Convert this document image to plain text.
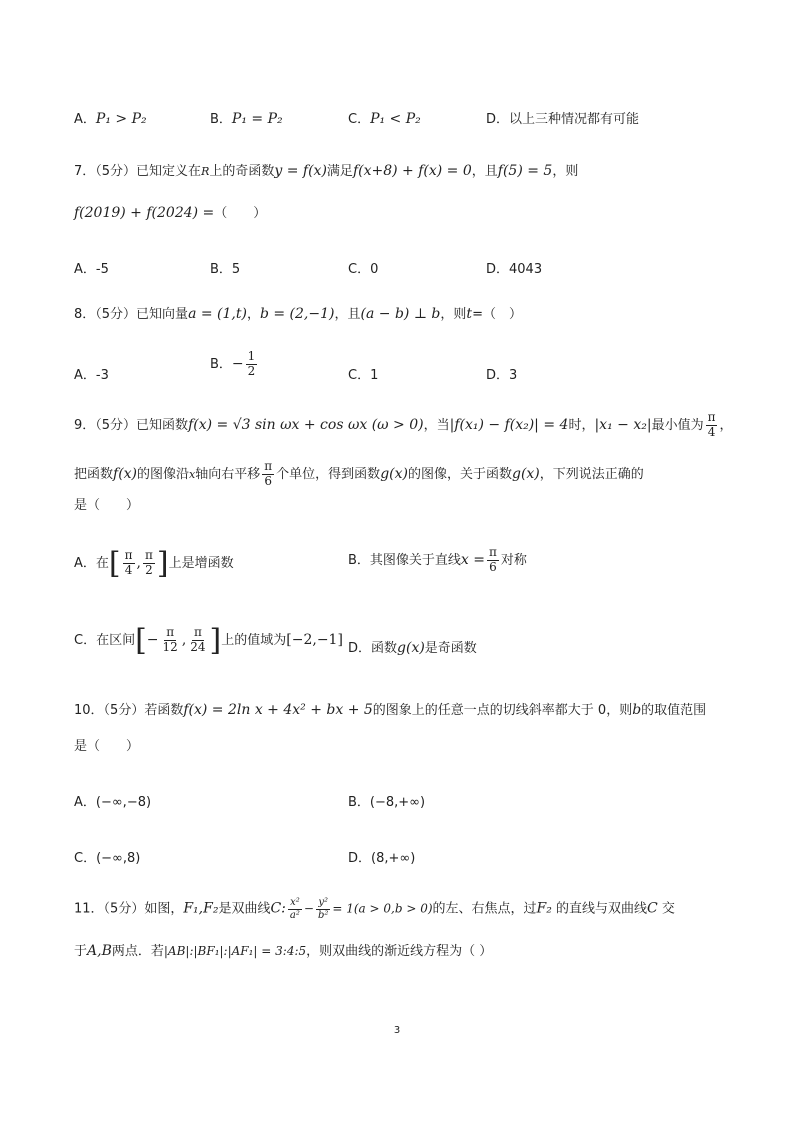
A．P₁ > P₂	B．P₁ = P₂	C．P₁ < P₂	D．以上三种情况都有可能
7．（5分）已知定义在R上的奇函数y = f(x)满足f(x+8) + f(x) = 0，且f(5) = 5，则
f(2019) + f(2024) =（　　）
A．-5	B．5	C．0	D．4043
8．（5分）已知向量a = (1,t)，b = (2,−1)，且(a − b) ⊥ b，则t=（　）
A．-3
B．− $\frac{1}{2}$	C．1	D．3
9．（5分）已知函数f(x) = √3 sin ωx + cos ωx (ω > 0)，当|f(x₁) − f(x₂)| = 4时，|x₁ − x₂|最小值为 $\frac{\pi}{4}$ ，
把函数f(x)的图像沿x轴向右平移 $\frac{\pi}{6}$ 个单位，得到函数g(x)的图像，关于函数g(x)，下列说法正确的
是（　　）
A．在[ $\frac{\pi}{4}$ , $\frac{\pi}{2}$ ]上是增函数	B．其图像关于直线$x = \frac{\pi}{6}$ 对称
C．在区间[− $\frac{\pi}{12}$ , $\frac{\pi}{24}$ ]上的值域为[−2,−1]
D．函数g(x)是奇函数
10．（5分）若函数f(x) = 2ln x + 4x² + bx + 5的图象上的任意一点的切线斜率都大于 0，则b的取值范围
是（　　）
A．(−∞,−8)	B．(−8,+∞)
C．(−∞,8)	D．(8,+∞)
11．（5分）如图，F₁,F₂是双曲线C: $\frac{\text{x²}}{\text{a²}} - \frac{\text{y²}}{\text{b²}} = 1(a > 0,b > 0)$的左、右焦点，过F₂ 的直线与双曲线C 交
于A,B两点．若|AB|:|BF₁|:|AF₁| = 3:4:5，则双曲线的渐近线方程为（ ）
3
